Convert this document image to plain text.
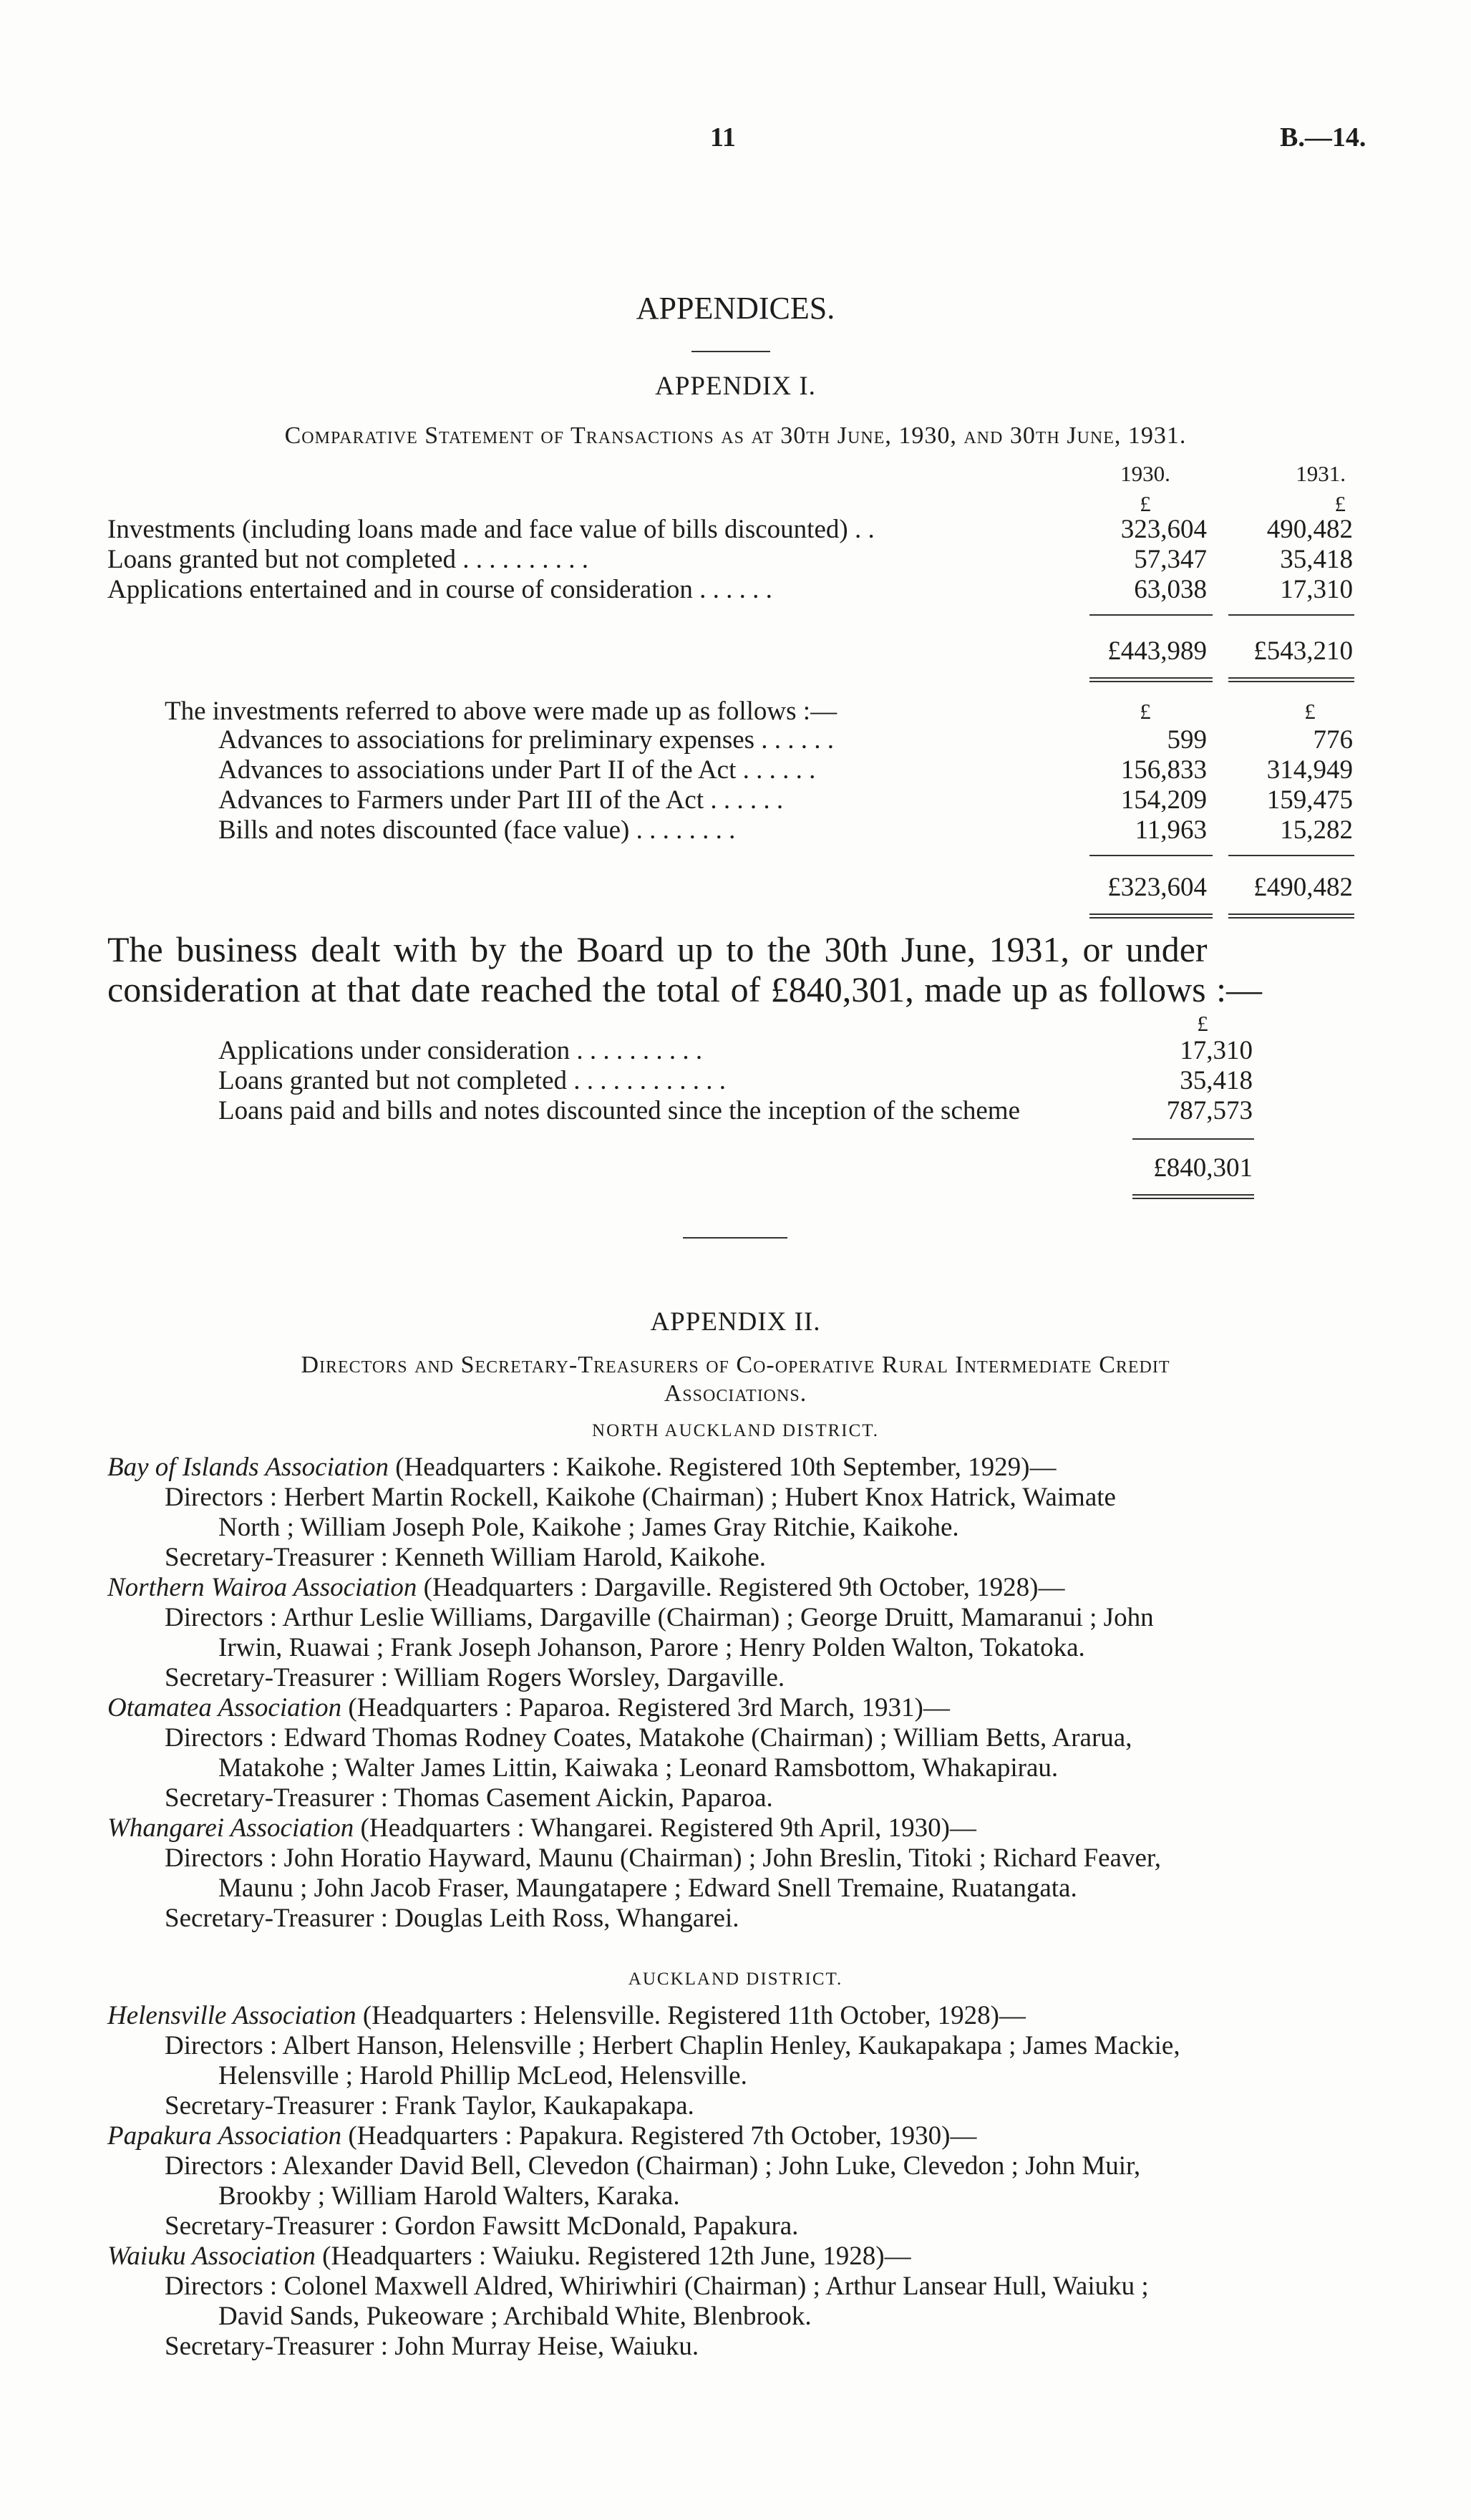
11	B.—14.
APPENDICES.
APPENDIX I.
Comparative Statement of Transactions as at 30th June, 1930, and 30th June, 1931.
1930.	1931.
£	£
Investments (including loans made and face value of bills discounted) . .	323,604	490,482
Loans granted but not completed . . . . . . . . . .	57,347	35,418
Applications entertained and in course of consideration . . . . . .	63,038	17,310
£443,989	£543,210
The investments referred to above were made up as follows :—	£	£
Advances to associations for preliminary expenses . . . . . .	599	776
Advances to associations under Part II of the Act . . . . . .	156,833	314,949
Advances to Farmers under Part III of the Act . . . . . .	154,209	159,475
Bills and notes discounted (face value) . . . . . . . .	11,963	15,282
£323,604	£490,482
The business dealt with by the Board up to the 30th June, 1931, or under
consideration at that date reached the total of £840,301, made up as follows :—
£
Applications under consideration . . . . . . . . . .	17,310
Loans granted but not completed . . . . . . . . . . . .	35,418
Loans paid and bills and notes discounted since the inception of the scheme	787,573
£840,301
APPENDIX II.
Directors and Secretary-Treasurers of Co-operative Rural Intermediate Credit
Associations.
NORTH AUCKLAND DISTRICT.
Bay of Islands Association (Headquarters : Kaikohe. Registered 10th September, 1929)—
Directors : Herbert Martin Rockell, Kaikohe (Chairman) ; Hubert Knox Hatrick, Waimate
North ; William Joseph Pole, Kaikohe ; James Gray Ritchie, Kaikohe.
Secretary-Treasurer : Kenneth William Harold, Kaikohe.
Northern Wairoa Association (Headquarters : Dargaville. Registered 9th October, 1928)—
Directors : Arthur Leslie Williams, Dargaville (Chairman) ; George Druitt, Mamaranui ; John
Irwin, Ruawai ; Frank Joseph Johanson, Parore ; Henry Polden Walton, Tokatoka.
Secretary-Treasurer : William Rogers Worsley, Dargaville.
Otamatea Association (Headquarters : Paparoa. Registered 3rd March, 1931)—
Directors : Edward Thomas Rodney Coates, Matakohe (Chairman) ; William Betts, Ararua,
Matakohe ; Walter James Littin, Kaiwaka ; Leonard Ramsbottom, Whakapirau.
Secretary-Treasurer : Thomas Casement Aickin, Paparoa.
Whangarei Association (Headquarters : Whangarei. Registered 9th April, 1930)—
Directors : John Horatio Hayward, Maunu (Chairman) ; John Breslin, Titoki ; Richard Feaver,
Maunu ; John Jacob Fraser, Maungatapere ; Edward Snell Tremaine, Ruatangata.
Secretary-Treasurer : Douglas Leith Ross, Whangarei.
AUCKLAND DISTRICT.
Helensville Association (Headquarters : Helensville. Registered 11th October, 1928)—
Directors : Albert Hanson, Helensville ; Herbert Chaplin Henley, Kaukapakapa ; James Mackie,
Helensville ; Harold Phillip McLeod, Helensville.
Secretary-Treasurer : Frank Taylor, Kaukapakapa.
Papakura Association (Headquarters : Papakura. Registered 7th October, 1930)—
Directors : Alexander David Bell, Clevedon (Chairman) ; John Luke, Clevedon ; John Muir,
Brookby ; William Harold Walters, Karaka.
Secretary-Treasurer : Gordon Fawsitt McDonald, Papakura.
Waiuku Association (Headquarters : Waiuku. Registered 12th June, 1928)—
Directors : Colonel Maxwell Aldred, Whiriwhiri (Chairman) ; Arthur Lansear Hull, Waiuku ;
David Sands, Pukeoware ; Archibald White, Blenbrook.
Secretary-Treasurer : John Murray Heise, Waiuku.
